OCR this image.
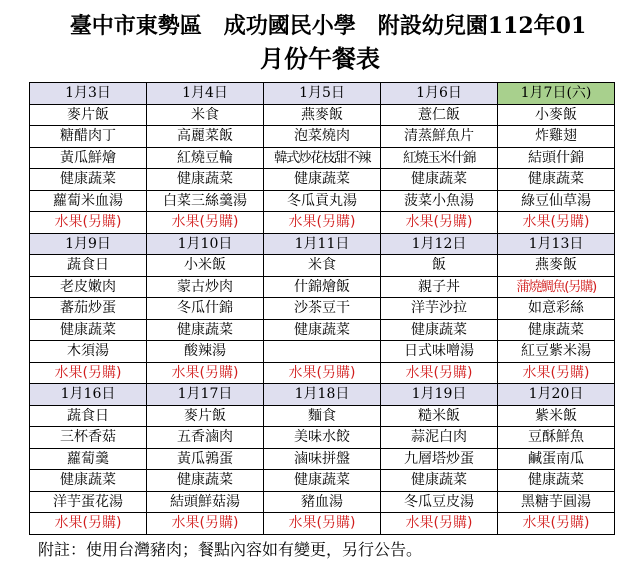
臺中市東勢區　成功國民小學　附設幼兒園112年01
月份午餐表
1月3日	1月4日	1月5日	1月6日	1月7日(六)
麥片飯	米食	燕麥飯	薏仁飯	小麥飯
糖醋肉丁	高麗菜飯	泡菜燒肉	清蒸鮮魚片	炸雞翅
黃瓜鮮燴	紅燒豆輪	韓式炒花枝甜不辣	紅燒玉米什錦	結頭什錦
健康蔬菜	健康蔬菜	健康蔬菜	健康蔬菜	健康蔬菜
蘿蔔米血湯	白菜三絲羹湯	冬瓜貢丸湯	菠菜小魚湯	綠豆仙草湯
水果(另購)	水果(另購)	水果(另購)	水果(另購)	水果(另購)
1月9日	1月10日	1月11日	1月12日	1月13日
蔬食日	小米飯	米食	飯	燕麥飯
老皮嫩肉	蒙古炒肉	什錦燴飯	親子丼	蒲燒鯛魚(另購)
蕃茄炒蛋	冬瓜什錦	沙茶豆干	洋芋沙拉	如意彩絲
健康蔬菜	健康蔬菜	健康蔬菜	健康蔬菜	健康蔬菜
木須湯	酸辣湯		日式味噌湯	紅豆紫米湯
水果(另購)	水果(另購)	水果(另購)	水果(另購)	水果(另購)
1月16日	1月17日	1月18日	1月19日	1月20日
蔬食日	麥片飯	麵食	糙米飯	紫米飯
三杯香菇	五香滷肉	美味水餃	蒜泥白肉	豆酥鮮魚
蘿蔔羹	黃瓜鶉蛋	滷味拼盤	九層塔炒蛋	鹹蛋南瓜
健康蔬菜	健康蔬菜	健康蔬菜	健康蔬菜	健康蔬菜
洋芋蛋花湯	結頭鮮菇湯	豬血湯	冬瓜豆皮湯	黑糖芋圓湯
水果(另購)	水果(另購)	水果(另購)	水果(另購)	水果(另購)
附註：使用台灣豬肉；餐點內容如有變更，另行公告。
